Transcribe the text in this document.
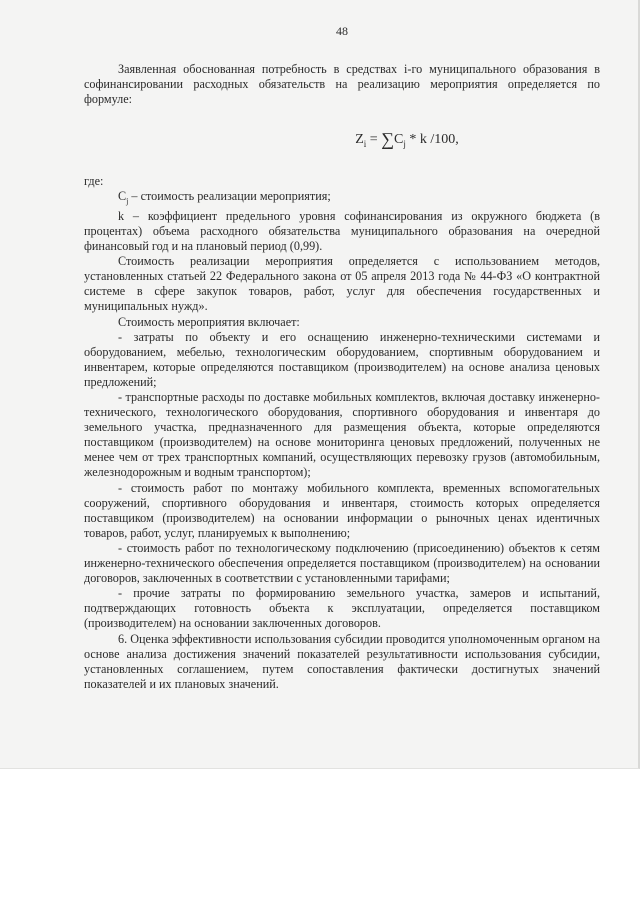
48

Заявленная обоснованная потребность в средствах i-го муниципального образования в софинансировании расходных обязательств на реализацию мероприятия определяется по формуле:

$Z_i = \sum C_j * k$ /100,

где:

$C_j$ – стоимость реализации мероприятия;

k – коэффициент предельного уровня софинансирования из окружного бюджета (в процентах) объема расходного обязательства муниципального образования на очередной финансовый год и на плановый период (0,99).

Стоимость реализации мероприятия определяется с использованием методов, установленных статьей 22 Федерального закона от 05 апреля 2013 года № 44-ФЗ «О контрактной системе в сфере закупок товаров, работ, услуг для обеспечения государственных и муниципальных нужд».

Стоимость мероприятия включает:

- затраты по объекту и его оснащению инженерно-техническими системами и оборудованием, мебелью, технологическим оборудованием, спортивным оборудованием и инвентарем, которые определяются поставщиком (производителем) на основе анализа ценовых предложений;

- транспортные расходы по доставке мобильных комплектов, включая доставку инженерно-технического, технологического оборудования, спортивного оборудования и инвентаря до земельного участка, предназначенного для размещения объекта, которые определяются поставщиком (производителем) на основе мониторинга ценовых предложений, полученных не менее чем от трех транспортных компаний, осуществляющих перевозку грузов (автомобильным, железнодорожным и водным транспортом);

- стоимость работ по монтажу мобильного комплекта, временных вспомогательных сооружений, спортивного оборудования и инвентаря, стоимость которых определяется поставщиком (производителем) на основании информации о рыночных ценах идентичных товаров, работ, услуг, планируемых к выполнению;

- стоимость работ по технологическому подключению (присоединению) объектов к сетям инженерно-технического обеспечения определяется поставщиком (производителем) на основании договоров, заключенных в соответствии с установленными тарифами;

- прочие затраты по формированию земельного участка, замеров и испытаний, подтверждающих готовность объекта к эксплуатации, определяется поставщиком (производителем) на основании заключенных договоров.

6. Оценка эффективности использования субсидии проводится уполномоченным органом на основе анализа достижения значений показателей результативности использования субсидии, установленных соглашением, путем сопоставления фактически достигнутых значений показателей и их плановых значений.
